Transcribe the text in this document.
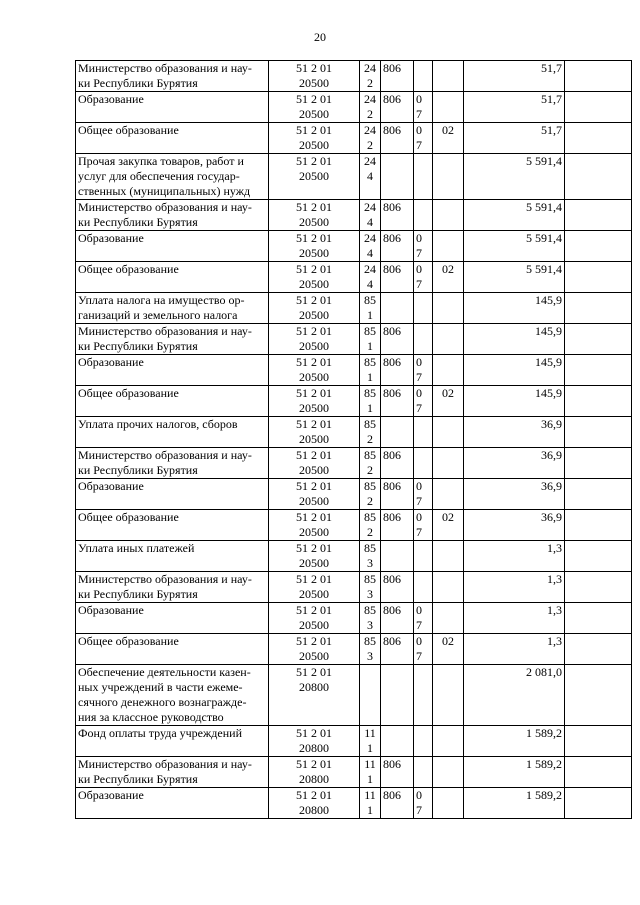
20
Министерство образования и нау-
ки Республики Бурятия	51 2 01
20500	24
2	806			51,7	

Образование	51 2 01
20500	24
2	806	0
7		51,7	

Общее образование	51 2 01
20500	24
2	806	0
7	02	51,7	

Прочая закупка товаров, работ и
услуг для обеспечения государ-
ственных (муниципальных) нужд	51 2 01
20500	24
4				5 591,4	

Министерство образования и нау-
ки Республики Бурятия	51 2 01
20500	24
4	806			5 591,4	

Образование	51 2 01
20500	24
4	806	0
7		5 591,4	

Общее образование	51 2 01
20500	24
4	806	0
7	02	5 591,4	

Уплата налога на имущество ор-
ганизаций и земельного налога	51 2 01
20500	85
1				145,9	

Министерство образования и нау-
ки Республики Бурятия	51 2 01
20500	85
1	806			145,9	

Образование	51 2 01
20500	85
1	806	0
7		145,9	

Общее образование	51 2 01
20500	85
1	806	0
7	02	145,9	

Уплата прочих налогов, сборов	51 2 01
20500	85
2				36,9	

Министерство образования и нау-
ки Республики Бурятия	51 2 01
20500	85
2	806			36,9	

Образование	51 2 01
20500	85
2	806	0
7		36,9	

Общее образование	51 2 01
20500	85
2	806	0
7	02	36,9	

Уплата иных платежей	51 2 01
20500	85
3				1,3	

Министерство образования и нау-
ки Республики Бурятия	51 2 01
20500	85
3	806			1,3	

Образование	51 2 01
20500	85
3	806	0
7		1,3	

Общее образование	51 2 01
20500	85
3	806	0
7	02	1,3	

Обеспечение деятельности казен-
ных учреждений в части ежеме-
сячного денежного вознагражде-
ния за классное руководство	51 2 01
20800					2 081,0	

Фонд оплаты труда учреждений	51 2 01
20800	11
1				1 589,2	

Министерство образования и нау-
ки Республики Бурятия	51 2 01
20800	11
1	806			1 589,2	

Образование	51 2 01
20800	11
1	806	0
7		1 589,2	
